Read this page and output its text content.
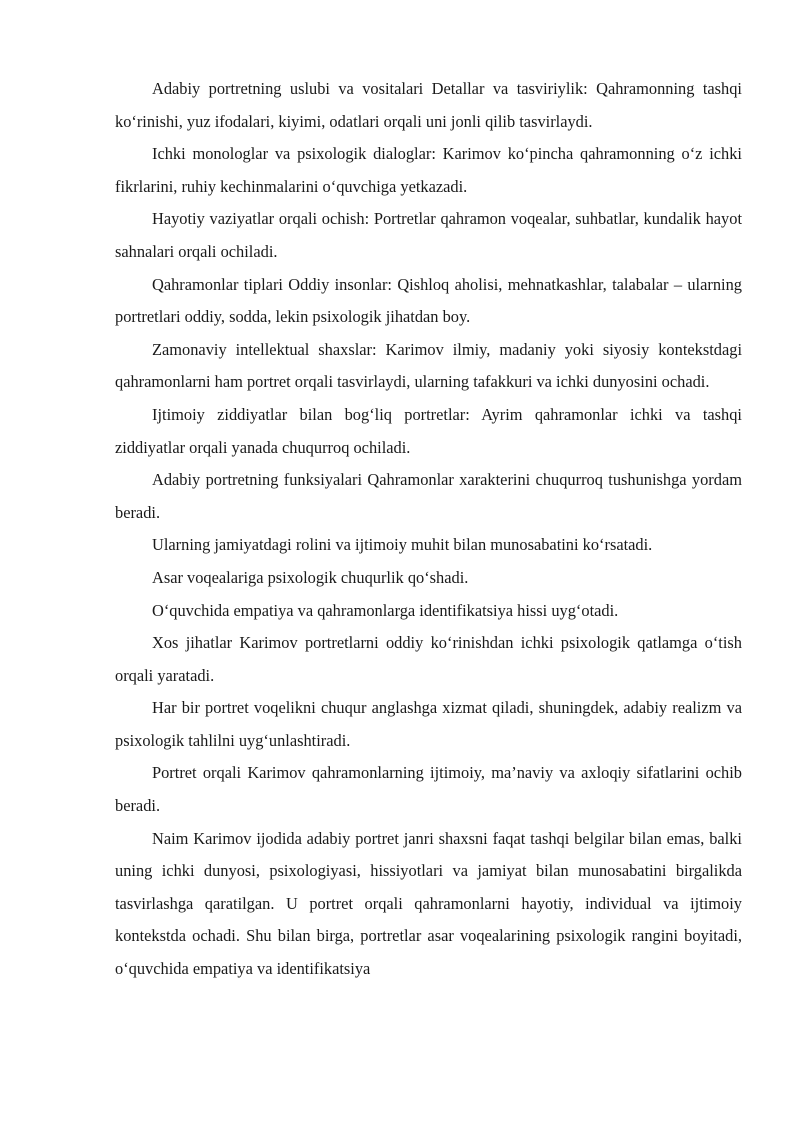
Adabiy portretning uslubi va vositalari Detallar va tasviriylik: Qahramonning tashqi koʻrinishi, yuz ifodalari, kiyimi, odatlari orqali uni jonli qilib tasvirlaydi.

Ichki monologlar va psixologik dialoglar: Karimov koʻpincha qahramonning oʻz ichki fikrlarini, ruhiy kechinmalarini oʻquvchiga yetkazadi.

Hayotiy vaziyatlar orqali ochish: Portretlar qahramon voqealar, suhbatlar, kundalik hayot sahnalari orqali ochiladi.

Qahramonlar tiplari Oddiy insonlar: Qishloq aholisi, mehnatkashlar, talabalar – ularning portretlari oddiy, sodda, lekin psixologik jihatdan boy.

Zamonaviy intellektual shaxslar: Karimov ilmiy, madaniy yoki siyosiy kontekstdagi qahramonlarni ham portret orqali tasvirlaydi, ularning tafakkuri va ichki dunyosini ochadi.

Ijtimoiy ziddiyatlar bilan bogʻliq portretlar: Ayrim qahramonlar ichki va tashqi ziddiyatlar orqali yanada chuqurroq ochiladi.

Adabiy portretning funksiyalari Qahramonlar xarakterini chuqurroq tushunishga yordam beradi.

Ularning jamiyatdagi rolini va ijtimoiy muhit bilan munosabatini koʻrsatadi.

Asar voqealariga psixologik chuqurlik qoʻshadi.

Oʻquvchida empatiya va qahramonlarga identifikatsiya hissi uygʻotadi.

Xos jihatlar Karimov portretlarni oddiy koʻrinishdan ichki psixologik qatlamga oʻtish orqali yaratadi.

Har bir portret voqelikni chuqur anglashga xizmat qiladi, shuningdek, adabiy realizm va psixologik tahlilni uygʻunlashtiradi.

Portret orqali Karimov qahramonlarning ijtimoiy, ma’naviy va axloqiy sifatlarini ochib beradi.

Naim Karimov ijodida adabiy portret janri shaxsni faqat tashqi belgilar bilan emas, balki uning ichki dunyosi, psixologiyasi, hissiyotlari va jamiyat bilan munosabatini birgalikda tasvirlashga qaratilgan. U portret orqali qahramonlarni hayotiy, individual va ijtimoiy kontekstda ochadi. Shu bilan birga, portretlar asar voqealarining psixologik rangini boyitadi, oʻquvchida empatiya va identifikatsiya
